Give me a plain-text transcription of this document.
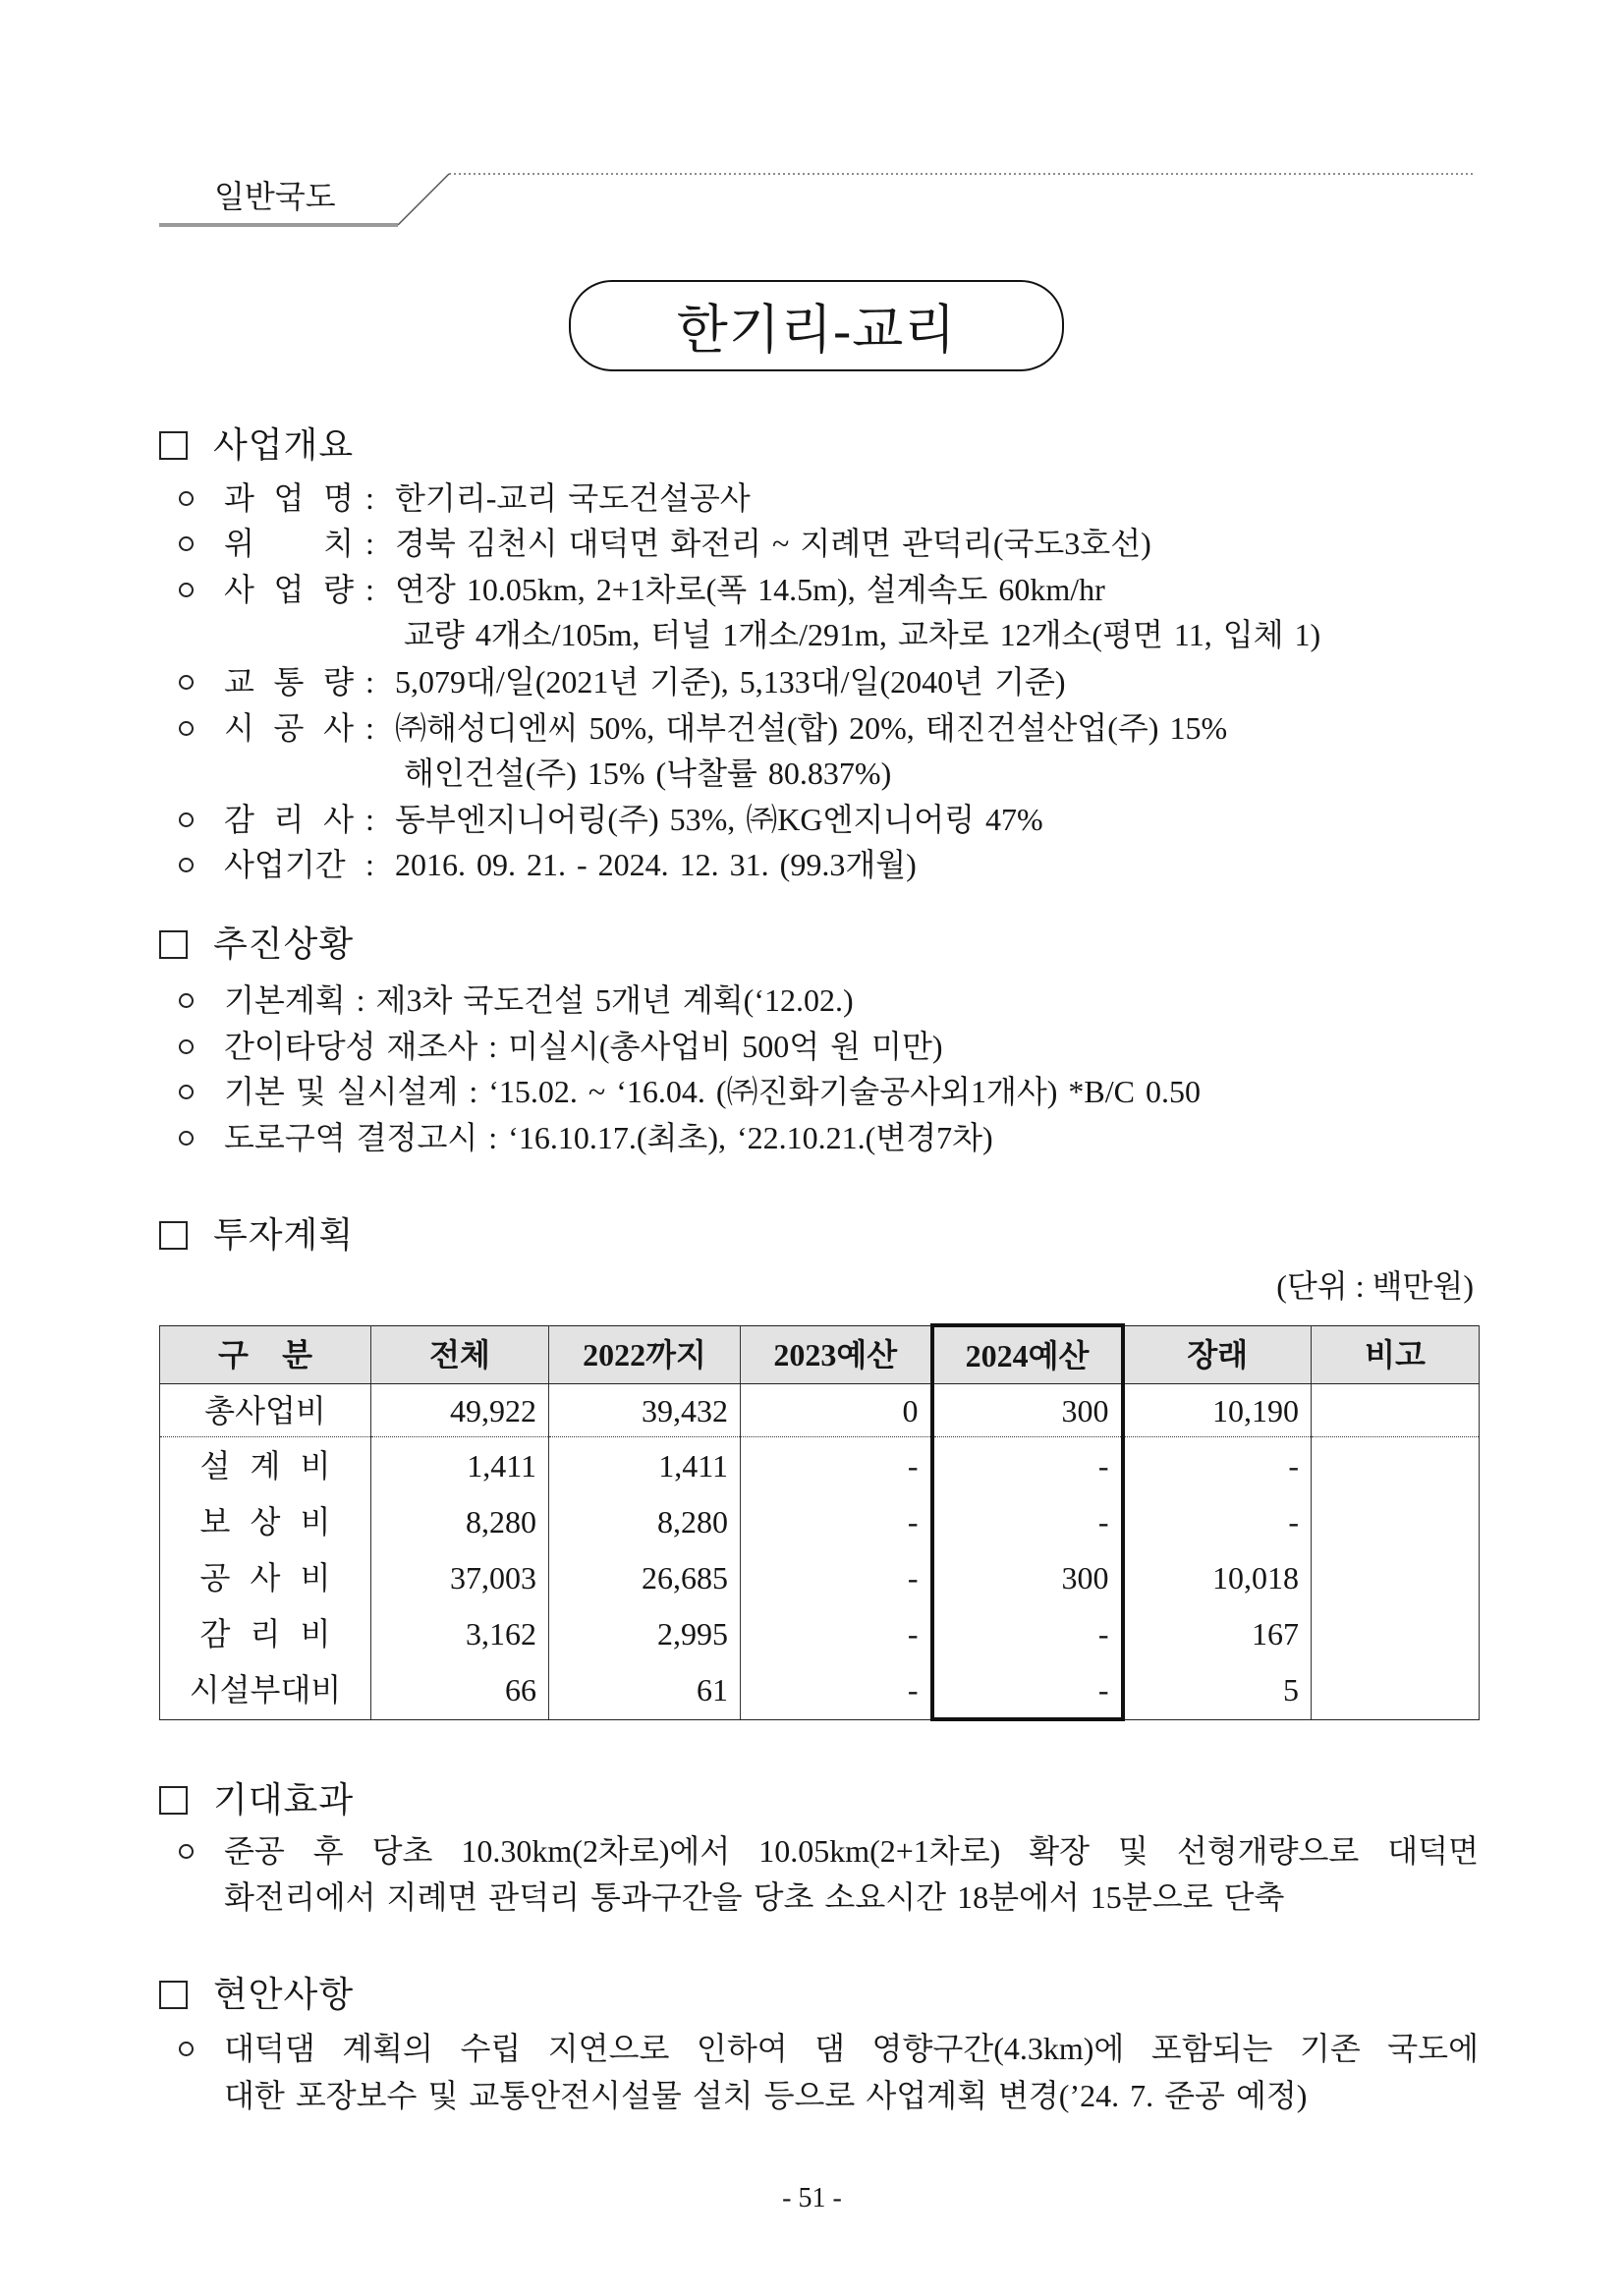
일반국도
한기리-교리
사업개요
과 업 명 : 한기리-교리 국도건설공사
위 치 : 경북 김천시 대덕면 화전리 ~ 지례면 관덕리(국도3호선)
사 업 량 : 연장 10.05km, 2+1차로(폭 14.5m), 설계속도 60km/hr
교량 4개소/105m, 터널 1개소/291m, 교차로 12개소(평면 11, 입체 1)
교 통 량 : 5,079대/일(2021년 기준), 5,133대/일(2040년 기준)
시 공 사 : ㈜해성디엔씨 50%, 대부건설(합) 20%, 태진건설산업(주) 15%
해인건설(주) 15% (낙찰률 80.837%)
감 리 사 : 동부엔지니어링(주) 53%, ㈜KG엔지니어링 47%
사업기간 : 2016. 09. 21. - 2024. 12. 31. (99.3개월)
추진상황
기본계획 : 제3차 국도건설 5개년 계획(‘12.02.)
간이타당성 재조사 : 미실시(총사업비 500억 원 미만)
기본 및 실시설계 : ‘15.02. ~ ‘16.04. (㈜진화기술공사외1개사) *B/C 0.50
도로구역 결정고시 : ‘16.10.17.(최초), ‘22.10.21.(변경7차)
투자계획
(단위 : 백만원)
구 분	전체	2022까지	2023예산	2024예산	장래	비고
총사업비	49,922	39,432	0	300	10,190	
설 계 비	1,411	1,411	-	-	-	
보 상 비	8,280	8,280	-	-	-	
공 사 비	37,003	26,685	-	300	10,018	
감 리 비	3,162	2,995	-	-	167	
시설부대비	66	61	-	-	5	
기대효과
준공 후 당초 10.30km(2차로)에서 10.05km(2+1차로) 확장 및 선형개량으로 대덕면
화전리에서 지례면 관덕리 통과구간을 당초 소요시간 18분에서 15분으로 단축
현안사항
대덕댐 계획의 수립 지연으로 인하여 댐 영향구간(4.3km)에 포함되는 기존 국도에
대한 포장보수 및 교통안전시설물 설치 등으로 사업계획 변경(’24. 7. 준공 예정)
- 51 -
